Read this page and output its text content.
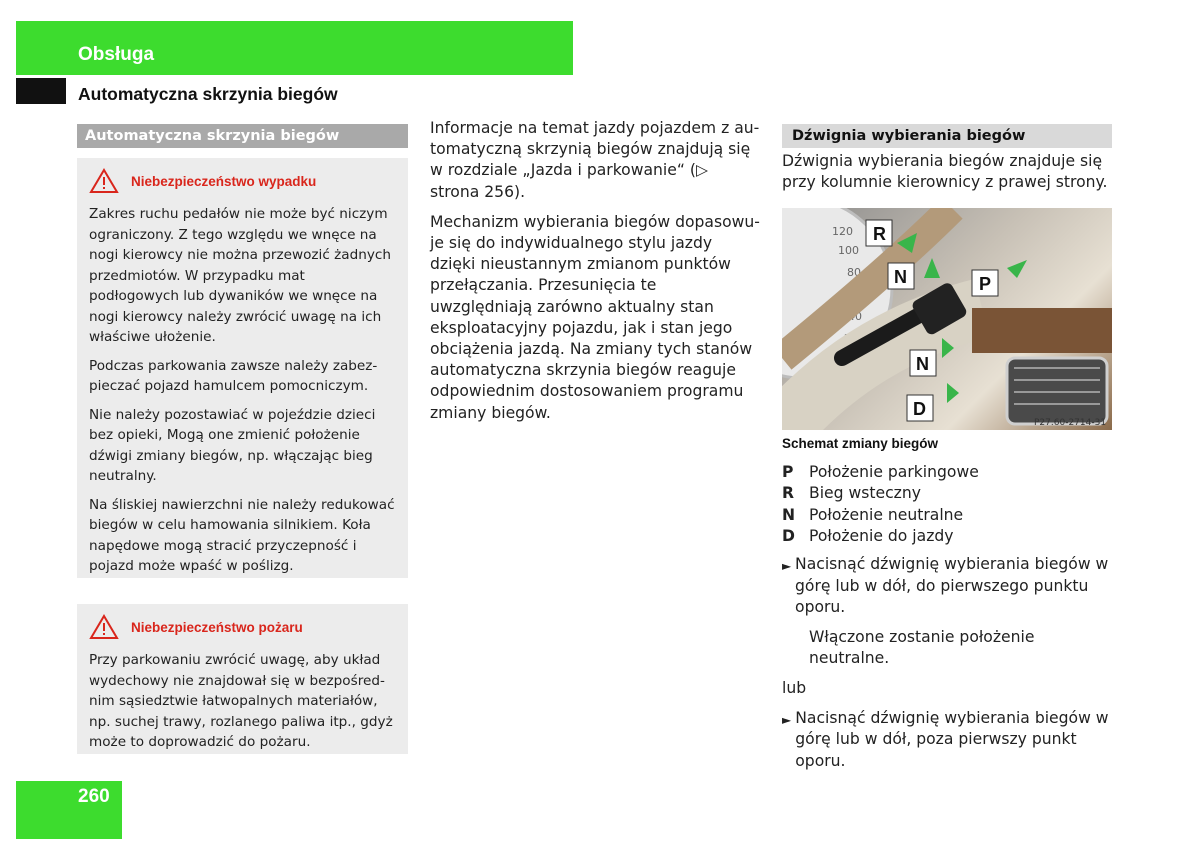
Obsługa
Automatyczna skrzynia biegów
Automatyczna skrzynia biegów
Niebezpieczeństwo wypadku

Zakres ruchu pedałów nie może być niczym ograniczony. Z tego względu we wnęce na nogi kierowcy nie można przewozić żadnych przedmiotów. W przypadku mat podłogowych lub dywaników we wnęce na nogi kierowcy należy zwrócić uwagę na ich właściwe ułożenie.

Podczas parkowania zawsze należy zabezpieczać pojazd hamulcem pomocniczym.

Nie należy pozostawiać w pojeździe dzieci bez opieki, Mogą one zmienić położenie dźwigi zmiany biegów, np. włączając bieg neutralny.

Na śliskiej nawierzchni nie należy redukować biegów w celu hamowania silnikiem. Koła napędowe mogą stracić przyczepność i pojazd może wpaść w poślizg.

Niebezpieczeństwo pożaru

Przy parkowaniu zwrócić uwagę, aby układ wydechowy nie znajdował się w bezpośrednim sąsiedztwie łatwopalnych materiałów, np. suchej trawy, rozlanego paliwa itp., gdyż może to doprowadzić do pożaru.

Informacje na temat jazdy pojazdem z automatyczną skrzynią biegów znajdują się w rozdziale „Jazda i parkowanie“ (▷ strona 256).

Mechanizm wybierania biegów dopasowuje się do indywidualnego stylu jazdy dzięki nieustannym zmianom punktów przełączania. Przesunięcia te uwzględniają zarówno aktualny stan eksploatacyjny pojazdu, jak i stan jego obciążenia jazdą. Na zmiany tych stanów automatyczna skrzynia biegów reaguje odpowiednim dostosowaniem programu zmiany biegów.

Dźwignia wybierania biegów
Dźwignia wybierania biegów znajduje się przy kolumnie kierownicy z prawej strony.
120
100
80
60
40
20
R
N	P
N
D
P27.60-2714-31
Schemat zmiany biegów
P Położenie parkingowe
R Bieg wsteczny
N Położenie neutralne
D Położenie do jazdy
► Nacisnąć dźwignię wybierania biegów w górę lub w dół, do pierwszego punktu oporu.
Włączone zostanie położenie neutralne.
lub
► Nacisnąć dźwignię wybierania biegów w górę lub w dół, poza pierwszy punkt oporu.
260
